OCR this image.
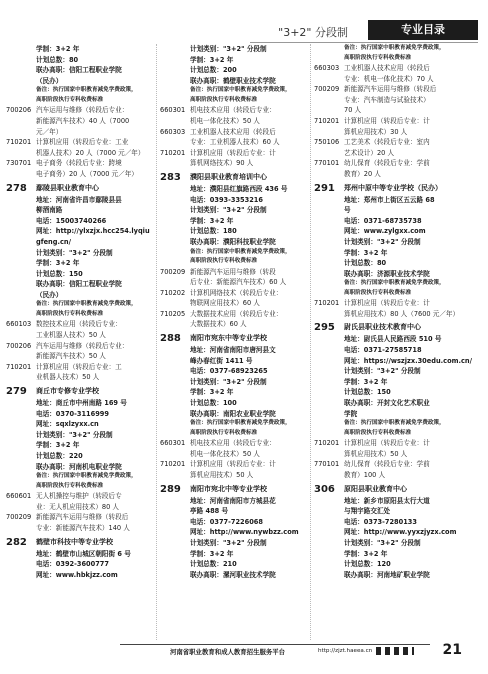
"3+2" 分段制	专业目录
学制：3+2 年
计划总数：80
联办高职：信阳工程职业学院
（民办）
备注：执行国家中职教育减免学费政策，
高职阶段执行专科收费标准
700206 汽车运用与维修（转段后专业：
新能源汽车技术）40 人（7000
元／年）
710201 计算机应用（转段后专业：工业
机器人技术）20 人（7000 元／年）
730701 电子商务（转段后专业：跨境
电子商务）20 人（7000 元／年）
278	鄢陵县职业教育中心
地址：河南省许昌市鄢陵县县
柳酒南路
电话：15003740266
网址：http://ylxzjx.hcc254.lyqiu
gfeng.cn/
计划类别："3+2" 分段制
学制：3+2 年
计划总数：150
联办高职：信阳工程职业学院
（民办）
备注：执行国家中职教育减免学费政策，
高职阶段执行专科收费标准
660103 数控技术应用（转段后专业：
工业机器人技术）50 人
700206 汽车运用与维修（转段后专业：
新能源汽车技术）50 人
710201 计算机应用（转段后专业：工
业机器人技术）50 人
279	商丘市专修专业学校
地址：商丘市中州南路 169 号
电话：0370-3116999
网址：sqxlzyxx.cn
计划类别："3+2" 分段制
学制：3+2 年
计划总数：220
联办高职：河南机电职业学院
备注：执行国家中职教育减免学费政策，
高职阶段执行专科收费标准
660601 无人机操控与维护（转段后专
业：无人机应用技术）80 人
700209 新能源汽车运用与维修（转段后
专业：新能源汽车技术）140 人
282	鹤壁市科技中等专业学校
地址：鹤壁市山城区朝阳街 6 号
电话：0392-3600777
网址：www.hbkjzz.com
计划类别："3+2" 分段制
学制：3+2 年
计划总数：200
联办高职：鹤壁职业技术学院
备注：执行国家中职教育减免学费政策，
高职阶段执行专科收费标准
660301 机电技术应用（转段后专业：
机电一体化技术）50 人
660303 工业机器人技术应用（转段后
专业：工业机器人技术）60 人
710201 计算机应用（转段后专业：计
算机网络技术）90 人
283	濮阳县职业教育培训中心
地址：濮阳县红旗路西段 436 号
电话：0393-3353216
计划类别："3+2" 分段制
学制：3+2 年
计划总数：180
联办高职：濮阳科技职业学院
备注：执行国家中职教育减免学费政策，
高职阶段执行专科收费标准
700209 新能源汽车运用与维修（转段
后专业：新能源汽车技术）60 人
710202 计算机网络技术（转段后专业：
物联网应用技术）60 人
710205 大数据技术应用（转段后专业：
大数据技术）60 人
288	南阳市宛东中等专业学校
地址：河南省南阳市唐河县文
峰办春红街 1411 号
电话：0377-68923265
计划类别："3+2" 分段制
学制：3+2 年
计划总数：100
联办高职：南阳农业职业学院
备注：执行国家中职教育减免学费政策，
高职阶段执行专科收费标准
660301 机电技术应用（转段后专业：
机电一体化技术）50 人
710201 计算机应用（转段后专业：计
算机应用技术）50 人
289	南阳市宛北中等专业学校
地址：河南省南阳市方城县花
亭路 488 号
电话：0377-7226068
网址：http://www.nywbzz.com
计划类别："3+2" 分段制
学制：3+2 年
计划总数：210
联办高职：漯河职业技术学院
备注：执行国家中职教育减免学费政策，
高职阶段执行专科收费标准
660303 工业机器人技术应用（转段后
专业：机电一体化技术）70 人
700209 新能源汽车运用与维修（转段后
专业：汽车制造与试验技术）
70 人
710201 计算机应用（转段后专业：计
算机应用技术）30 人
750106 工艺美术（转段后专业：室内
艺术设计）20 人
770101 幼儿保育（转段后专业：学前
教育）20 人
291	郑州中原中等专业学校（民办）
地址：郑州市上街区五云路 68
号
电话：0371-68735738
网址：www.zylgxx.com
计划类别："3+2" 分段制
学制：3+2 年
计划总数：80
联办高职：济源职业技术学院
备注：执行国家中职教育减免学费政策，
高职阶段执行专科收费标准
710201 计算机应用（转段后专业：计
算机应用技术）80 人（7600 元／年）
295	尉氏县职业技术教育中心
地址：尉氏县人民路西段 510 号
电话：0371-27585718
网址：https://wszjzx.30edu.com.cn/
计划类别："3+2" 分段制
学制：3+2 年
计划总数：150
联办高职：开封文化艺术职业
学院
备注：执行国家中职教育减免学费政策，
高职阶段执行专科收费标准
710201 计算机应用（转段后专业：计
算机应用技术）50 人
770101 幼儿保育（转段后专业：学前
教育）100 人
306	原阳县职业教育中心
地址：新乡市原阳县太行大道
与翔宇路交汇处
电话：0373-7280133
网址：http://www.yyxzjyzx.com
计划类别："3+2" 分段制
学制：3+2 年
计划总数：120
联办高职：河南地矿职业学院
河南省职业教育和成人教育招生服务平台	http://zjzt.haeea.cn	21
